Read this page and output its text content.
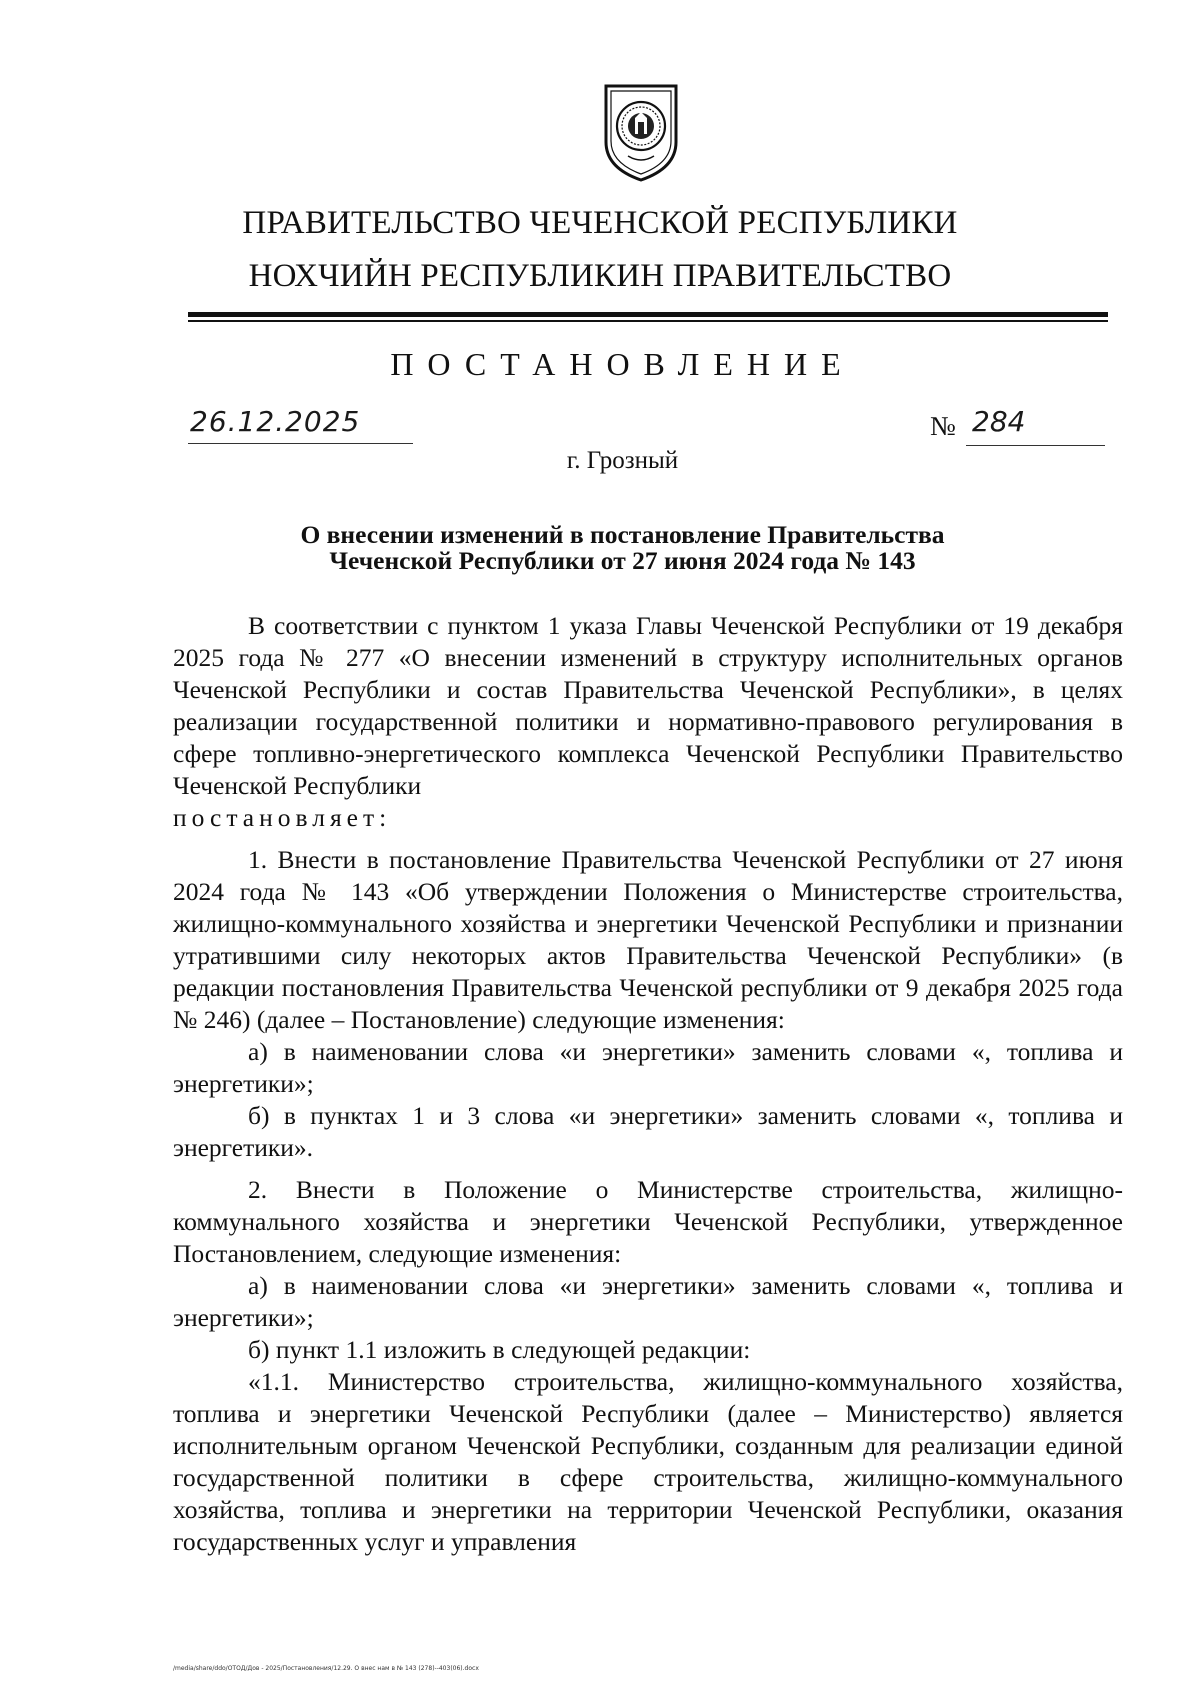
ПРАВИТЕЛЬСТВО ЧЕЧЕНСКОЙ РЕСПУБЛИКИ
НОХЧИЙН РЕСПУБЛИКИН ПРАВИТЕЛЬСТВО
ПОСТАНОВЛЕНИЕ
26.12.2025	№ 284
г. Грозный
О внесении изменений в постановление Правительства
Чеченской Республики от 27 июня 2024 года № 143

В соответствии с пунктом 1 указа Главы Чеченской Республики от 19 декабря 2025 года № 277 «О внесении изменений в структуру исполнительных органов Чеченской Республики и состав Правительства Чеченской Республики», в целях реализации государственной политики и нормативно-правового регулирования в сфере топливно-энергетического комплекса Чеченской Республики Правительство Чеченской Республики

постановляет:

1. Внести в постановление Правительства Чеченской Республики от 27 июня 2024 года № 143 «Об утверждении Положения о Министерстве строительства, жилищно-коммунального хозяйства и энергетики Чеченской Республики и признании утратившими силу некоторых актов Правительства Чеченской Республики» (в редакции постановления Правительства Чеченской республики от 9 декабря 2025 года № 246) (далее – Постановление) следующие изменения:

а) в наименовании слова «и энергетики» заменить словами «, топлива и энергетики»;

б) в пунктах 1 и 3 слова «и энергетики» заменить словами «, топлива и энергетики».

2. Внести в Положение о Министерстве строительства, жилищно-коммунального хозяйства и энергетики Чеченской Республики, утвержденное Постановлением, следующие изменения:

а) в наименовании слова «и энергетики» заменить словами «, топлива и энергетики»;

б) пункт 1.1 изложить в следующей редакции:

«1.1. Министерство строительства, жилищно-коммунального хозяйства, топлива и энергетики Чеченской Республики (далее – Министерство) является исполнительным органом Чеченской Республики, созданным для реализации единой государственной политики в сфере строительства, жилищно-коммунального хозяйства, топлива и энергетики на территории Чеченской Республики, оказания государственных услуг и управления

/media/share/ddo/ОТОД/Дов - 2025/Постановления/12.29. О внес нам в № 143 (278)--403(06).docx
